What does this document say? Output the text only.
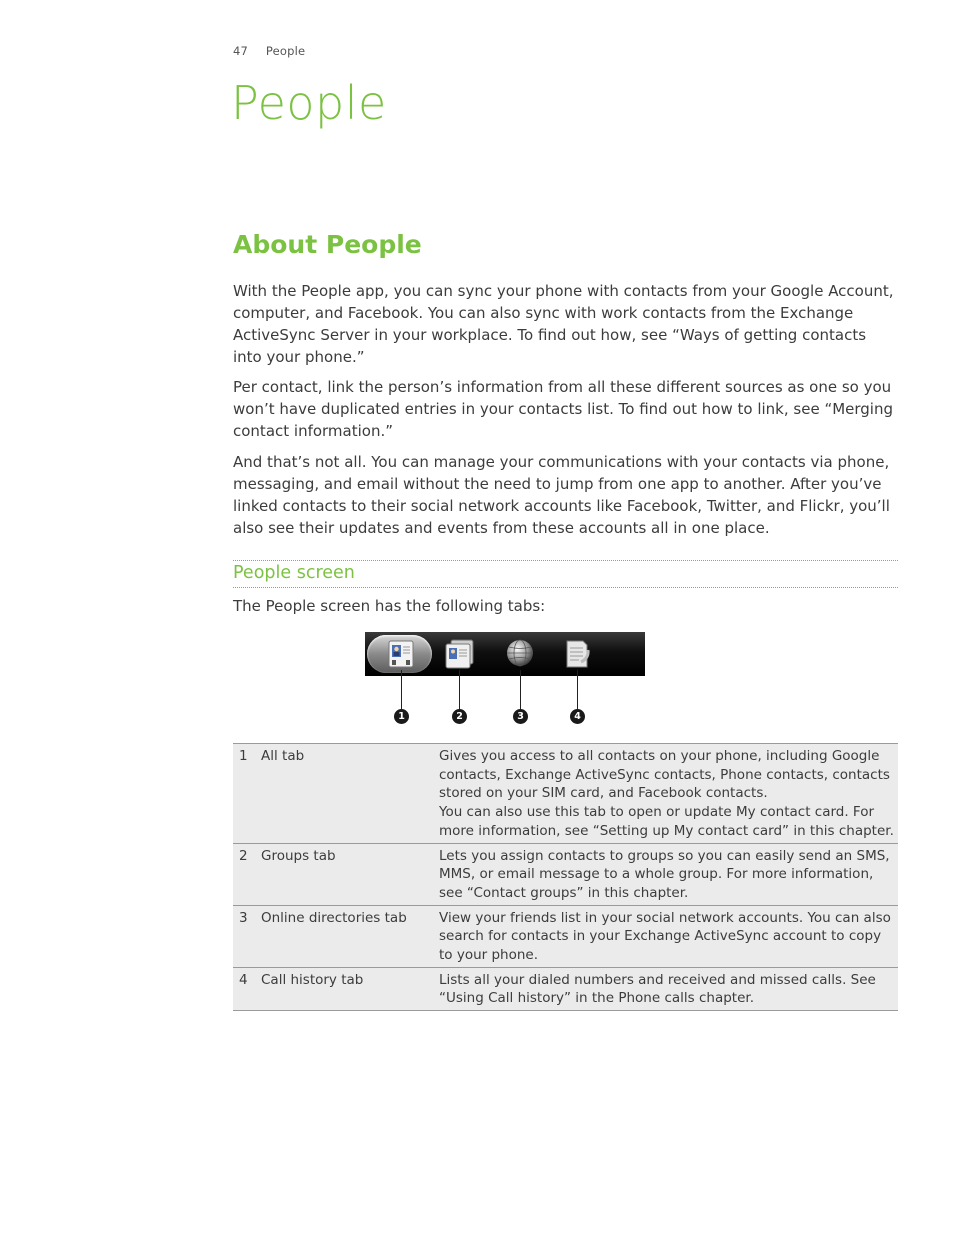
47 People
People
About People

With the People app, you can sync your phone with contacts from your Google Account, computer, and Facebook. You can also sync with work contacts from the Exchange ActiveSync Server in your workplace. To find out how, see “Ways of getting contacts into your phone.”

Per contact, link the person’s information from all these different sources as one so you won’t have duplicated entries in your contacts list. To find out how to link, see “Merging contact information.”

And that’s not all. You can manage your communications with your contacts via phone, messaging, and email without the need to jump from one app to another. After you’ve linked contacts to their social network accounts like Facebook, Twitter, and Flickr, you’ll also see their updates and events from these accounts all in one place.

People screen
The People screen has the following tabs:
1	2	3	4
1	All tab	Gives you access to all contacts on your phone, including Google contacts, Exchange ActiveSync contacts, Phone contacts, contacts stored on your SIM card, and Facebook contacts.
You can also use this tab to open or update My contact card. For more information, see “Setting up My contact card” in this chapter.

2	Groups tab	Lets you assign contacts to groups so you can easily send an SMS, MMS, or email message to a whole group. For more information, see “Contact groups” in this chapter.

3	Online directories tab	View your friends list in your social network accounts. You can also search for contacts in your Exchange ActiveSync account to copy to your phone.

4	Call history tab	Lists all your dialed numbers and received and missed calls. See “Using Call history” in the Phone calls chapter.
